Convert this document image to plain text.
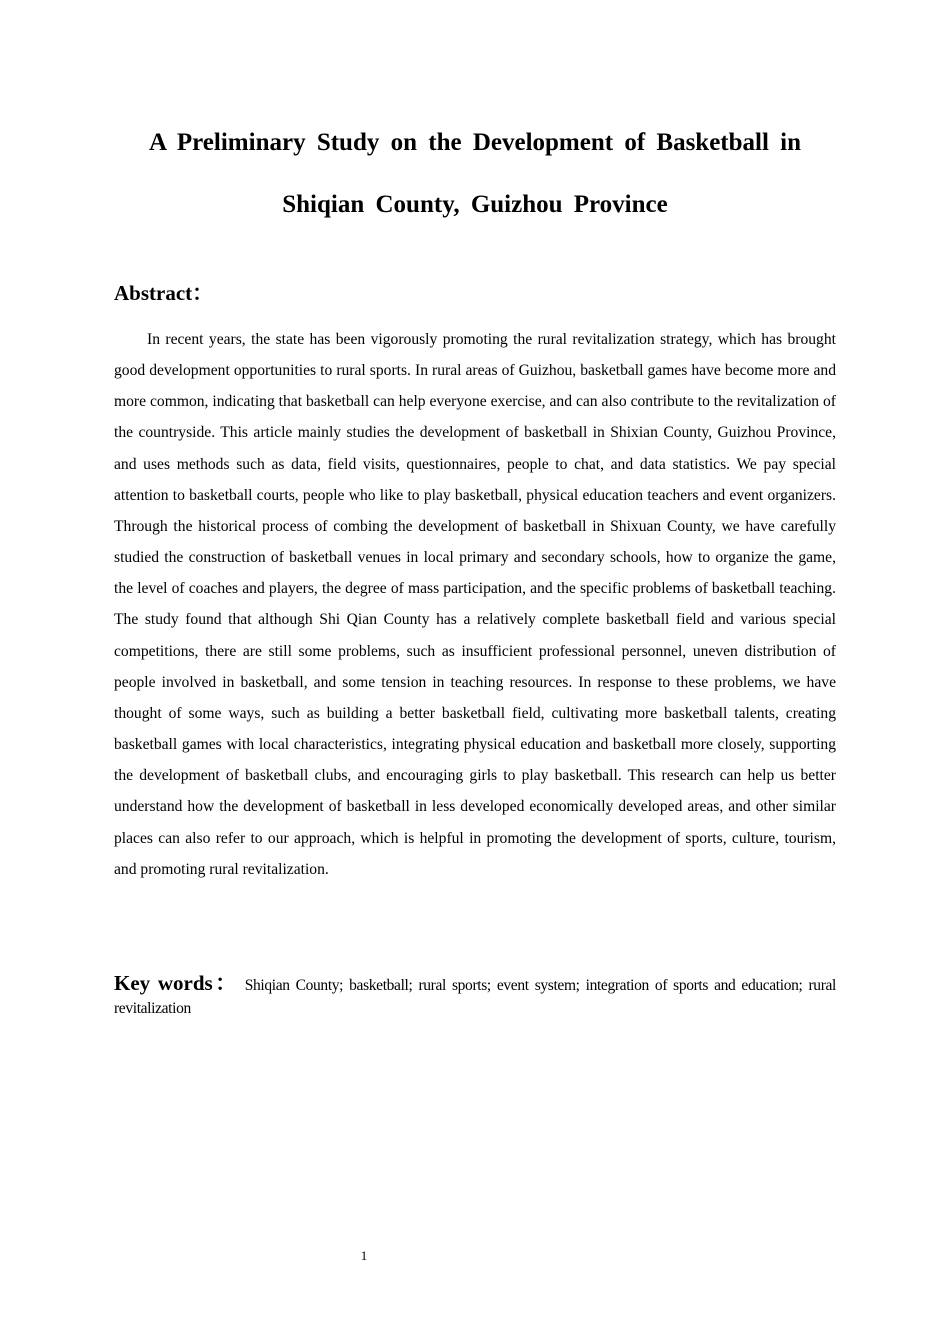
A Preliminary Study on the Development of Basketball in
Shiqian County, Guizhou Province
Abstract：

In recent years, the state has been vigorously promoting the rural revitalization strategy, which has brought good development opportunities to rural sports. In rural areas of Guizhou, basketball games have become more and more common, indicating that basketball can help everyone exercise, and can also contribute to the revitalization of the countryside. This article mainly studies the development of basketball in Shixian County, Guizhou Province, and uses methods such as data, field visits, questionnaires, people to chat, and data statistics. We pay special attention to basketball courts, people who like to play basketball, physical education teachers and event organizers. Through the historical process of combing the development of basketball in Shixuan County, we have carefully studied the construction of basketball venues in local primary and secondary schools, how to organize the game, the level of coaches and players, the degree of mass participation, and the specific problems of basketball teaching. The study found that although Shi Qian County has a relatively complete basketball field and various special competitions, there are still some problems, such as insufficient professional personnel, uneven distribution of people involved in basketball, and some tension in teaching resources. In response to these problems, we have thought of some ways, such as building a better basketball field, cultivating more basketball talents, creating basketball games with local characteristics, integrating physical education and basketball more closely, supporting the development of basketball clubs, and encouraging girls to play basketball. This research can help us better understand how the development of basketball in less developed economically developed areas, and other similar places can also refer to our approach, which is helpful in promoting the development of sports, culture, tourism, and promoting rural revitalization.

Key words： Shiqian County; basketball; rural sports; event system; integration of sports and education; rural revitalization

1
